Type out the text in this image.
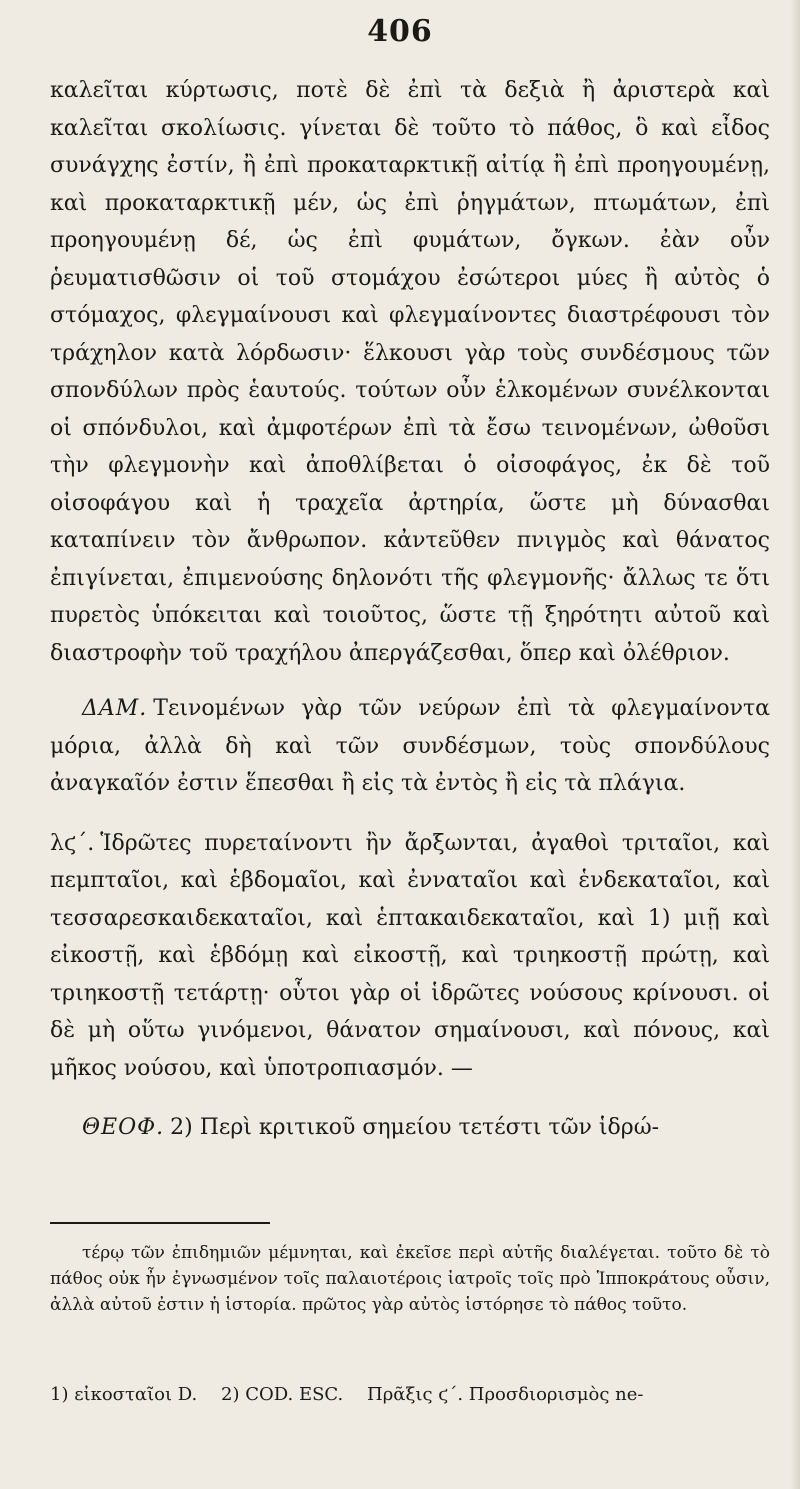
406

καλεῖται κύρτωσις, ποτὲ δὲ ἐπὶ τὰ δεξιὰ ἢ ἀριστερὰ καὶ καλεῖται σκολίωσις. γίνεται δὲ τοῦτο τὸ πάθος, ὃ καὶ εἶδος συνάγχης ἐστίν, ἢ ἐπὶ προκαταρκτικῇ αἰτίᾳ ἢ ἐπὶ προηγουμένῃ, καὶ προκαταρκτικῇ μέν, ὡς ἐπὶ ῥηγμάτων, πτωμάτων, ἐπὶ προηγουμένῃ δέ, ὡς ἐπὶ φυμάτων, ὄγκων. ἐὰν οὖν ῥευματισθῶσιν οἱ τοῦ στομάχου ἐσώτεροι μύες ἢ αὐτὸς ὁ στόμαχος, φλεγμαίνουσι καὶ φλεγμαίνοντες διαστρέφουσι τὸν τράχηλον κατὰ λόρδωσιν· ἕλκουσι γὰρ τοὺς συνδέσμους τῶν σπονδύλων πρὸς ἑαυτούς. τούτων οὖν ἑλκομένων συνέλκονται οἱ σπόνδυλοι, καὶ ἀμφοτέρων ἐπὶ τὰ ἔσω τεινομένων, ὠθοῦσι τὴν φλεγμονὴν καὶ ἀποθλίβεται ὁ οἰσοφάγος, ἐκ δὲ τοῦ οἰσοφάγου καὶ ἡ τραχεῖα ἀρτηρία, ὥστε μὴ δύνασθαι καταπίνειν τὸν ἄνθρωπον. κἀντεῦθεν πνιγμὸς καὶ θάνατος ἐπιγίνεται, ἐπιμενούσης δηλονότι τῆς φλεγμονῆς· ἄλλως τε ὅτι πυρετὸς ὑπόκειται καὶ τοιοῦτος, ὥστε τῇ ξηρότητι αὐτοῦ καὶ διαστροφὴν τοῦ τραχήλου ἀπεργάζεσθαι, ὅπερ καὶ ὀλέθριον.

ΔΑΜ. Τεινομένων γὰρ τῶν νεύρων ἐπὶ τὰ φλεγμαίνοντα μόρια, ἀλλὰ δὴ καὶ τῶν συνδέσμων, τοὺς σπονδύλους ἀναγκαῖόν ἐστιν ἕπεσθαι ἢ εἰς τὰ ἐντὸς ἢ εἰς τὰ πλάγια.

λϛ΄. Ἱδρῶτες πυρεταίνοντι ἢν ἄρξωνται, ἀγαθοὶ τριταῖοι, καὶ πεμπταῖοι, καὶ ἑβδομαῖοι, καὶ ἐνναταῖοι καὶ ἑνδεκαταῖοι, καὶ τεσσαρεσκαιδεκαταῖοι, καὶ ἑπτακαιδεκαταῖοι, καὶ 1) μιῇ καὶ εἰκοστῇ, καὶ ἑβδόμῃ καὶ εἰκοστῇ, καὶ τριηκοστῇ πρώτῃ, καὶ τριηκοστῇ τετάρτῃ· οὗτοι γὰρ οἱ ἱδρῶτες νούσους κρίνουσι. οἱ δὲ μὴ οὕτω γινόμενοι, θάνατον σημαίνουσι, καὶ πόνους, καὶ μῆκος νούσου, καὶ ὑποτροπιασμόν. —

ΘΕΟΦ. 2) Περὶ κριτικοῦ σημείου τετέστι τῶν ἱδρώ-

τέρῳ τῶν ἐπιδημιῶν μέμνηται, καὶ ἐκεῖσε περὶ αὐτῆς διαλέγεται. τοῦτο δὲ τὸ πάθος οὐκ ἦν ἐγνωσμένον τοῖς παλαιοτέροις ἰατροῖς τοῖς πρὸ Ἱπποκράτους οὖσιν, ἀλλὰ αὐτοῦ ἐστιν ἡ ἱστορία. πρῶτος γὰρ αὐτὸς ἱστόρησε τὸ πάθος τοῦτο.

1) εἰκοσταῖοι D. 2) COD. ESC. Πρᾶξις ϛ΄. Προσδιορισμὸς ne-
